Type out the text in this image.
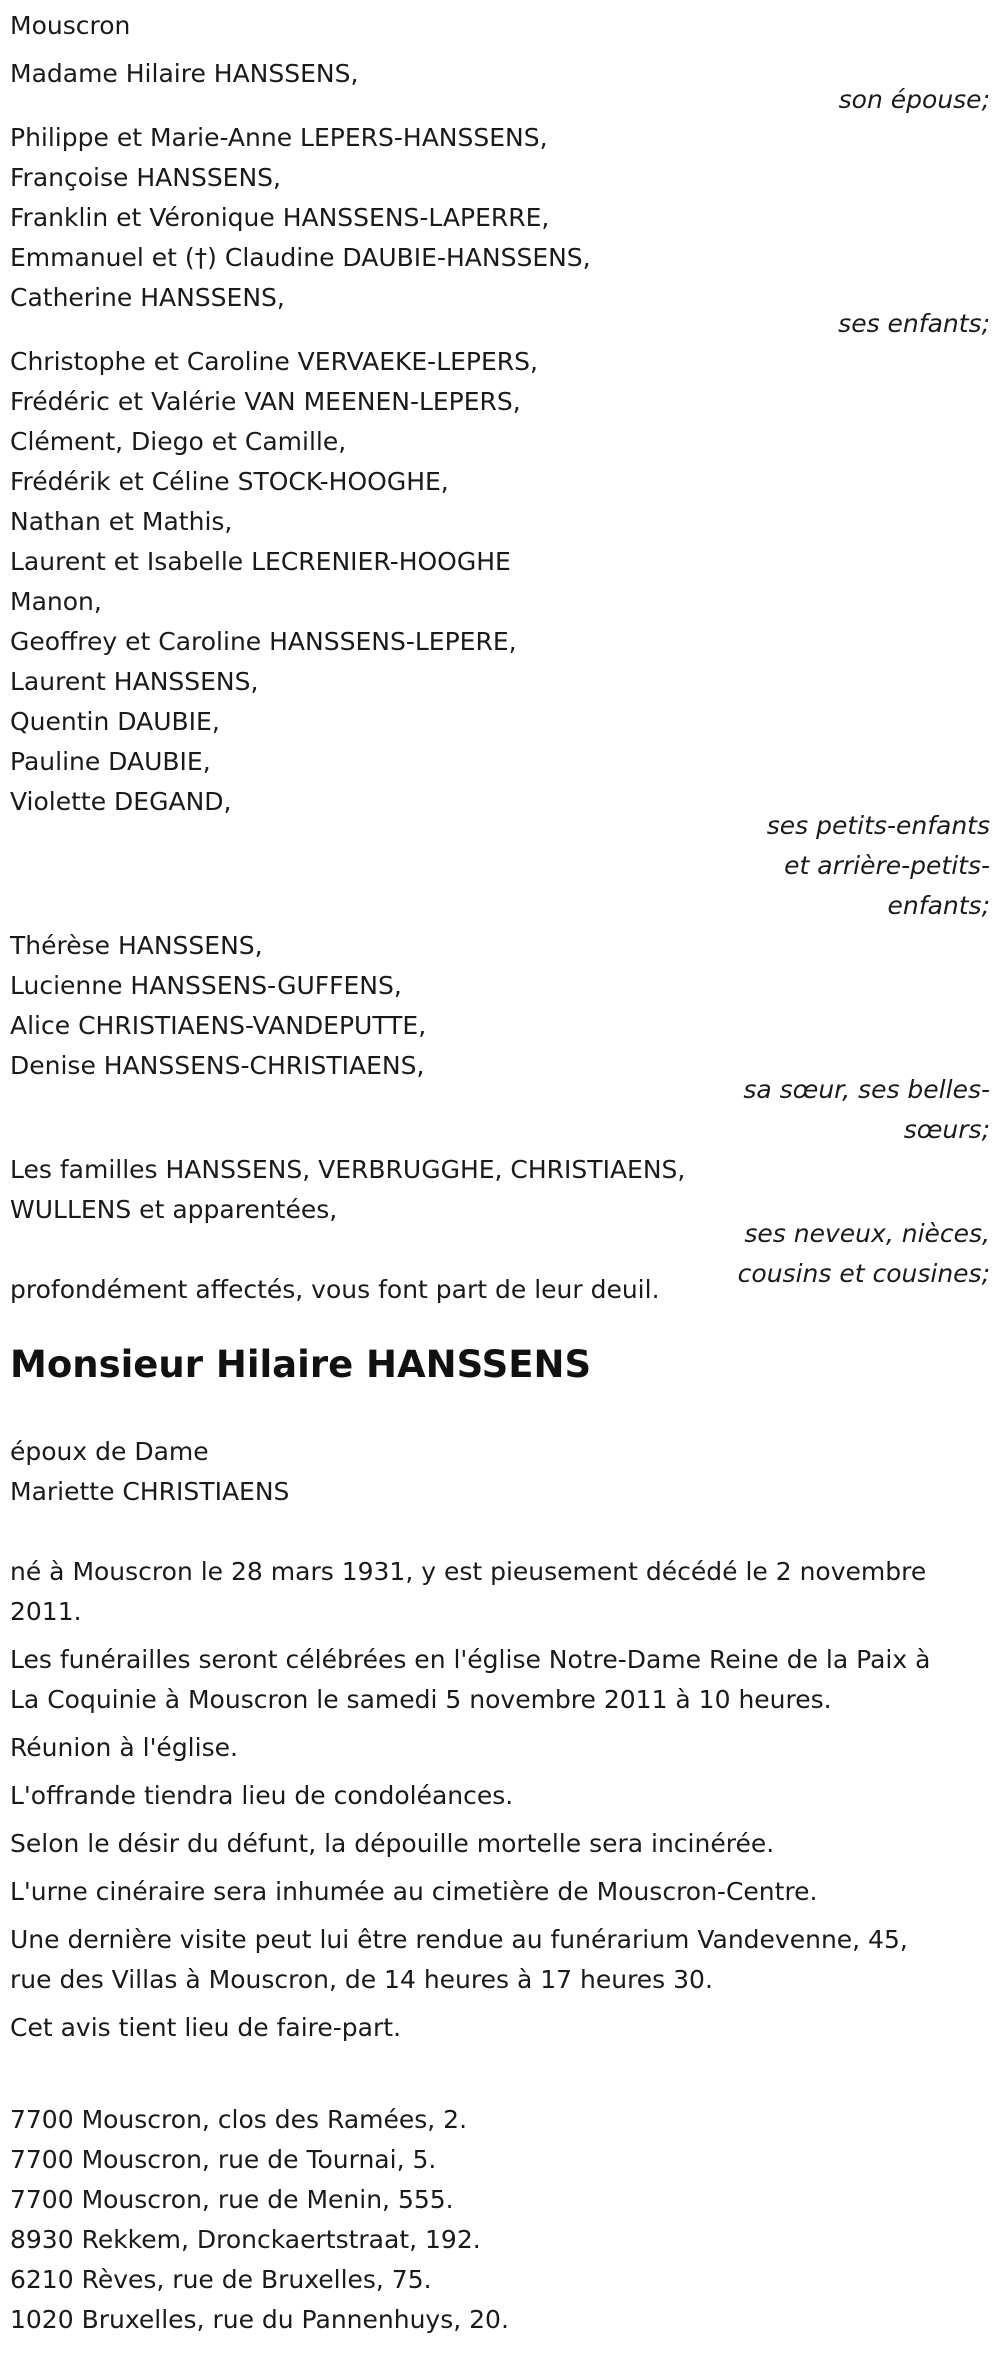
Mouscron
Madame Hilaire HANSSENS,
son épouse;
Philippe et Marie-Anne LEPERS-HANSSENS,
Françoise HANSSENS,
Franklin et Véronique HANSSENS-LAPERRE,
Emmanuel et (†) Claudine DAUBIE-HANSSENS,
Catherine HANSSENS,
ses enfants;
Christophe et Caroline VERVAEKE-LEPERS,
Frédéric et Valérie VAN MEENEN-LEPERS,
Clément, Diego et Camille,
Frédérik et Céline STOCK-HOOGHE,
Nathan et Mathis,
Laurent et Isabelle LECRENIER-HOOGHE
Manon,
Geoffrey et Caroline HANSSENS-LEPERE,
Laurent HANSSENS,
Quentin DAUBIE,
Pauline DAUBIE,
Violette DEGAND,
ses petits-enfants
et arrière-petits-
enfants;
Thérèse HANSSENS,
Lucienne HANSSENS-GUFFENS,
Alice CHRISTIAENS-VANDEPUTTE,
Denise HANSSENS-CHRISTIAENS,
sa sœur, ses belles-
sœurs;
Les familles HANSSENS, VERBRUGGHE, CHRISTIAENS,
WULLENS et apparentées,
ses neveux, nièces,
cousins et cousines;
profondément affectés, vous font part de leur deuil.
Monsieur Hilaire HANSSENS
époux de Dame
Mariette CHRISTIAENS
né à Mouscron le 28 mars 1931, y est pieusement décédé le 2 novembre
2011.
Les funérailles seront célébrées en l'église Notre-Dame Reine de la Paix à
La Coquinie à Mouscron le samedi 5 novembre 2011 à 10 heures.
Réunion à l'église.
L'offrande tiendra lieu de condoléances.
Selon le désir du défunt, la dépouille mortelle sera incinérée.
L'urne cinéraire sera inhumée au cimetière de Mouscron-Centre.
Une dernière visite peut lui être rendue au funérarium Vandevenne, 45,
rue des Villas à Mouscron, de 14 heures à 17 heures 30.
Cet avis tient lieu de faire-part.
7700 Mouscron, clos des Ramées, 2.
7700 Mouscron, rue de Tournai, 5.
7700 Mouscron, rue de Menin, 555.
8930 Rekkem, Dronckaertstraat, 192.
6210 Rèves, rue de Bruxelles, 75.
1020 Bruxelles, rue du Pannenhuys, 20.
